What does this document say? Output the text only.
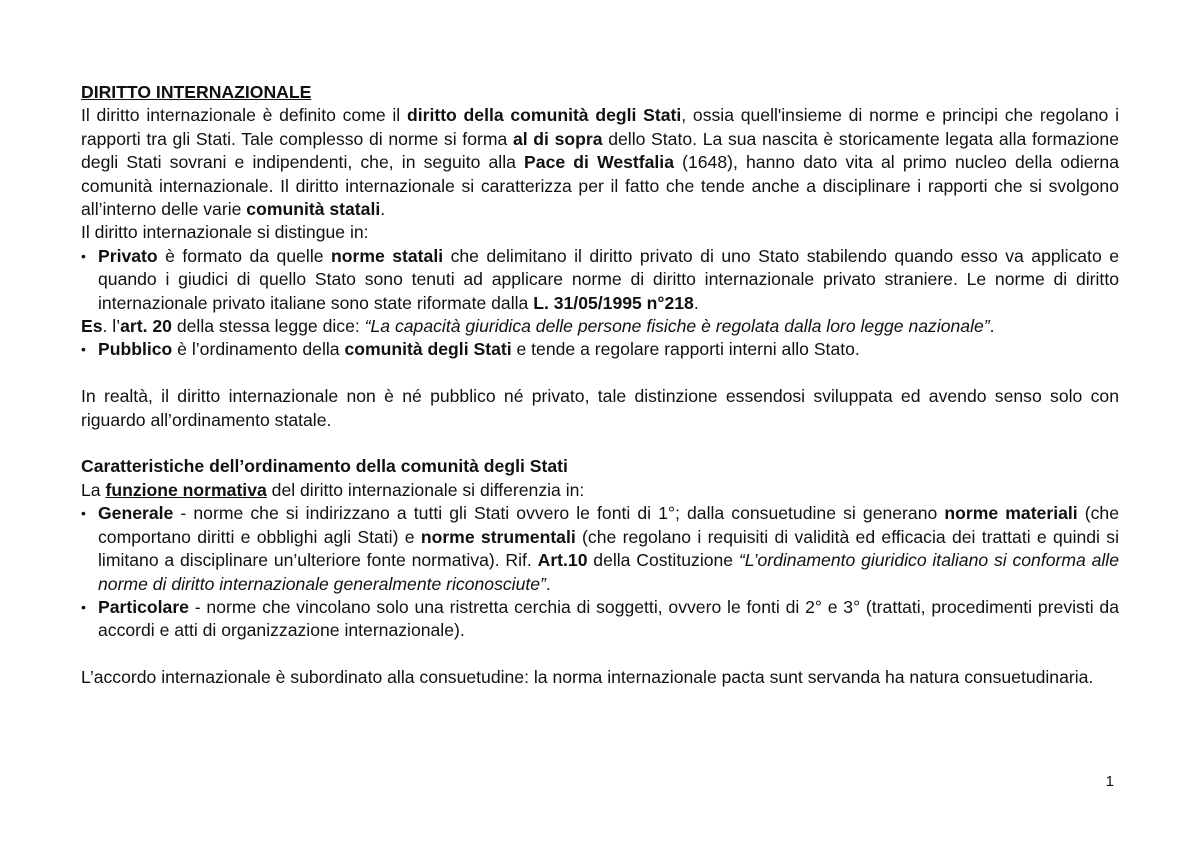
DIRITTO INTERNAZIONALE

Il diritto internazionale è definito come il diritto della comunità degli Stati, ossia quell'insieme di norme e principi che regolano i rapporti tra gli Stati. Tale complesso di norme si forma al di sopra dello Stato. La sua nascita è storicamente legata alla formazione degli Stati sovrani e indipendenti, che, in seguito alla Pace di Westfalia (1648), hanno dato vita al primo nucleo della odierna comunità internazionale. Il diritto internazionale si caratterizza per il fatto che tende anche a disciplinare i rapporti che si svolgono all’interno delle varie comunità statali.

Il diritto internazionale si distingue in:

• Privato è formato da quelle norme statali che delimitano il diritto privato di uno Stato stabilendo quando esso va applicato e quando i giudici di quello Stato sono tenuti ad applicare norme di diritto internazionale privato straniere. Le norme di diritto internazionale privato italiane sono state riformate dalla L. 31/05/1995 n°218.

Es. l’art. 20 della stessa legge dice: “La capacità giuridica delle persone fisiche è regolata dalla loro legge nazionale”.

• Pubblico è l’ordinamento della comunità degli Stati e tende a regolare rapporti interni allo Stato.

In realtà, il diritto internazionale non è né pubblico né privato, tale distinzione essendosi sviluppata ed avendo senso solo con riguardo all’ordinamento statale.

Caratteristiche dell’ordinamento della comunità degli Stati

La funzione normativa del diritto internazionale si differenzia in:

• Generale - norme che si indirizzano a tutti gli Stati ovvero le fonti di 1°; dalla consuetudine si generano norme materiali (che comportano diritti e obblighi agli Stati) e norme strumentali (che regolano i requisiti di validità ed efficacia dei trattati e quindi si limitano a disciplinare un’ulteriore fonte normativa). Rif. Art.10 della Costituzione “L’ordinamento giuridico italiano si conforma alle norme di diritto internazionale generalmente riconosciute”.
• Particolare - norme che vincolano solo una ristretta cerchia di soggetti, ovvero le fonti di 2° e 3° (trattati, procedimenti previsti da accordi e atti di organizzazione internazionale).

L’accordo internazionale è subordinato alla consuetudine: la norma internazionale pacta sunt servanda ha natura consuetudinaria.

1
